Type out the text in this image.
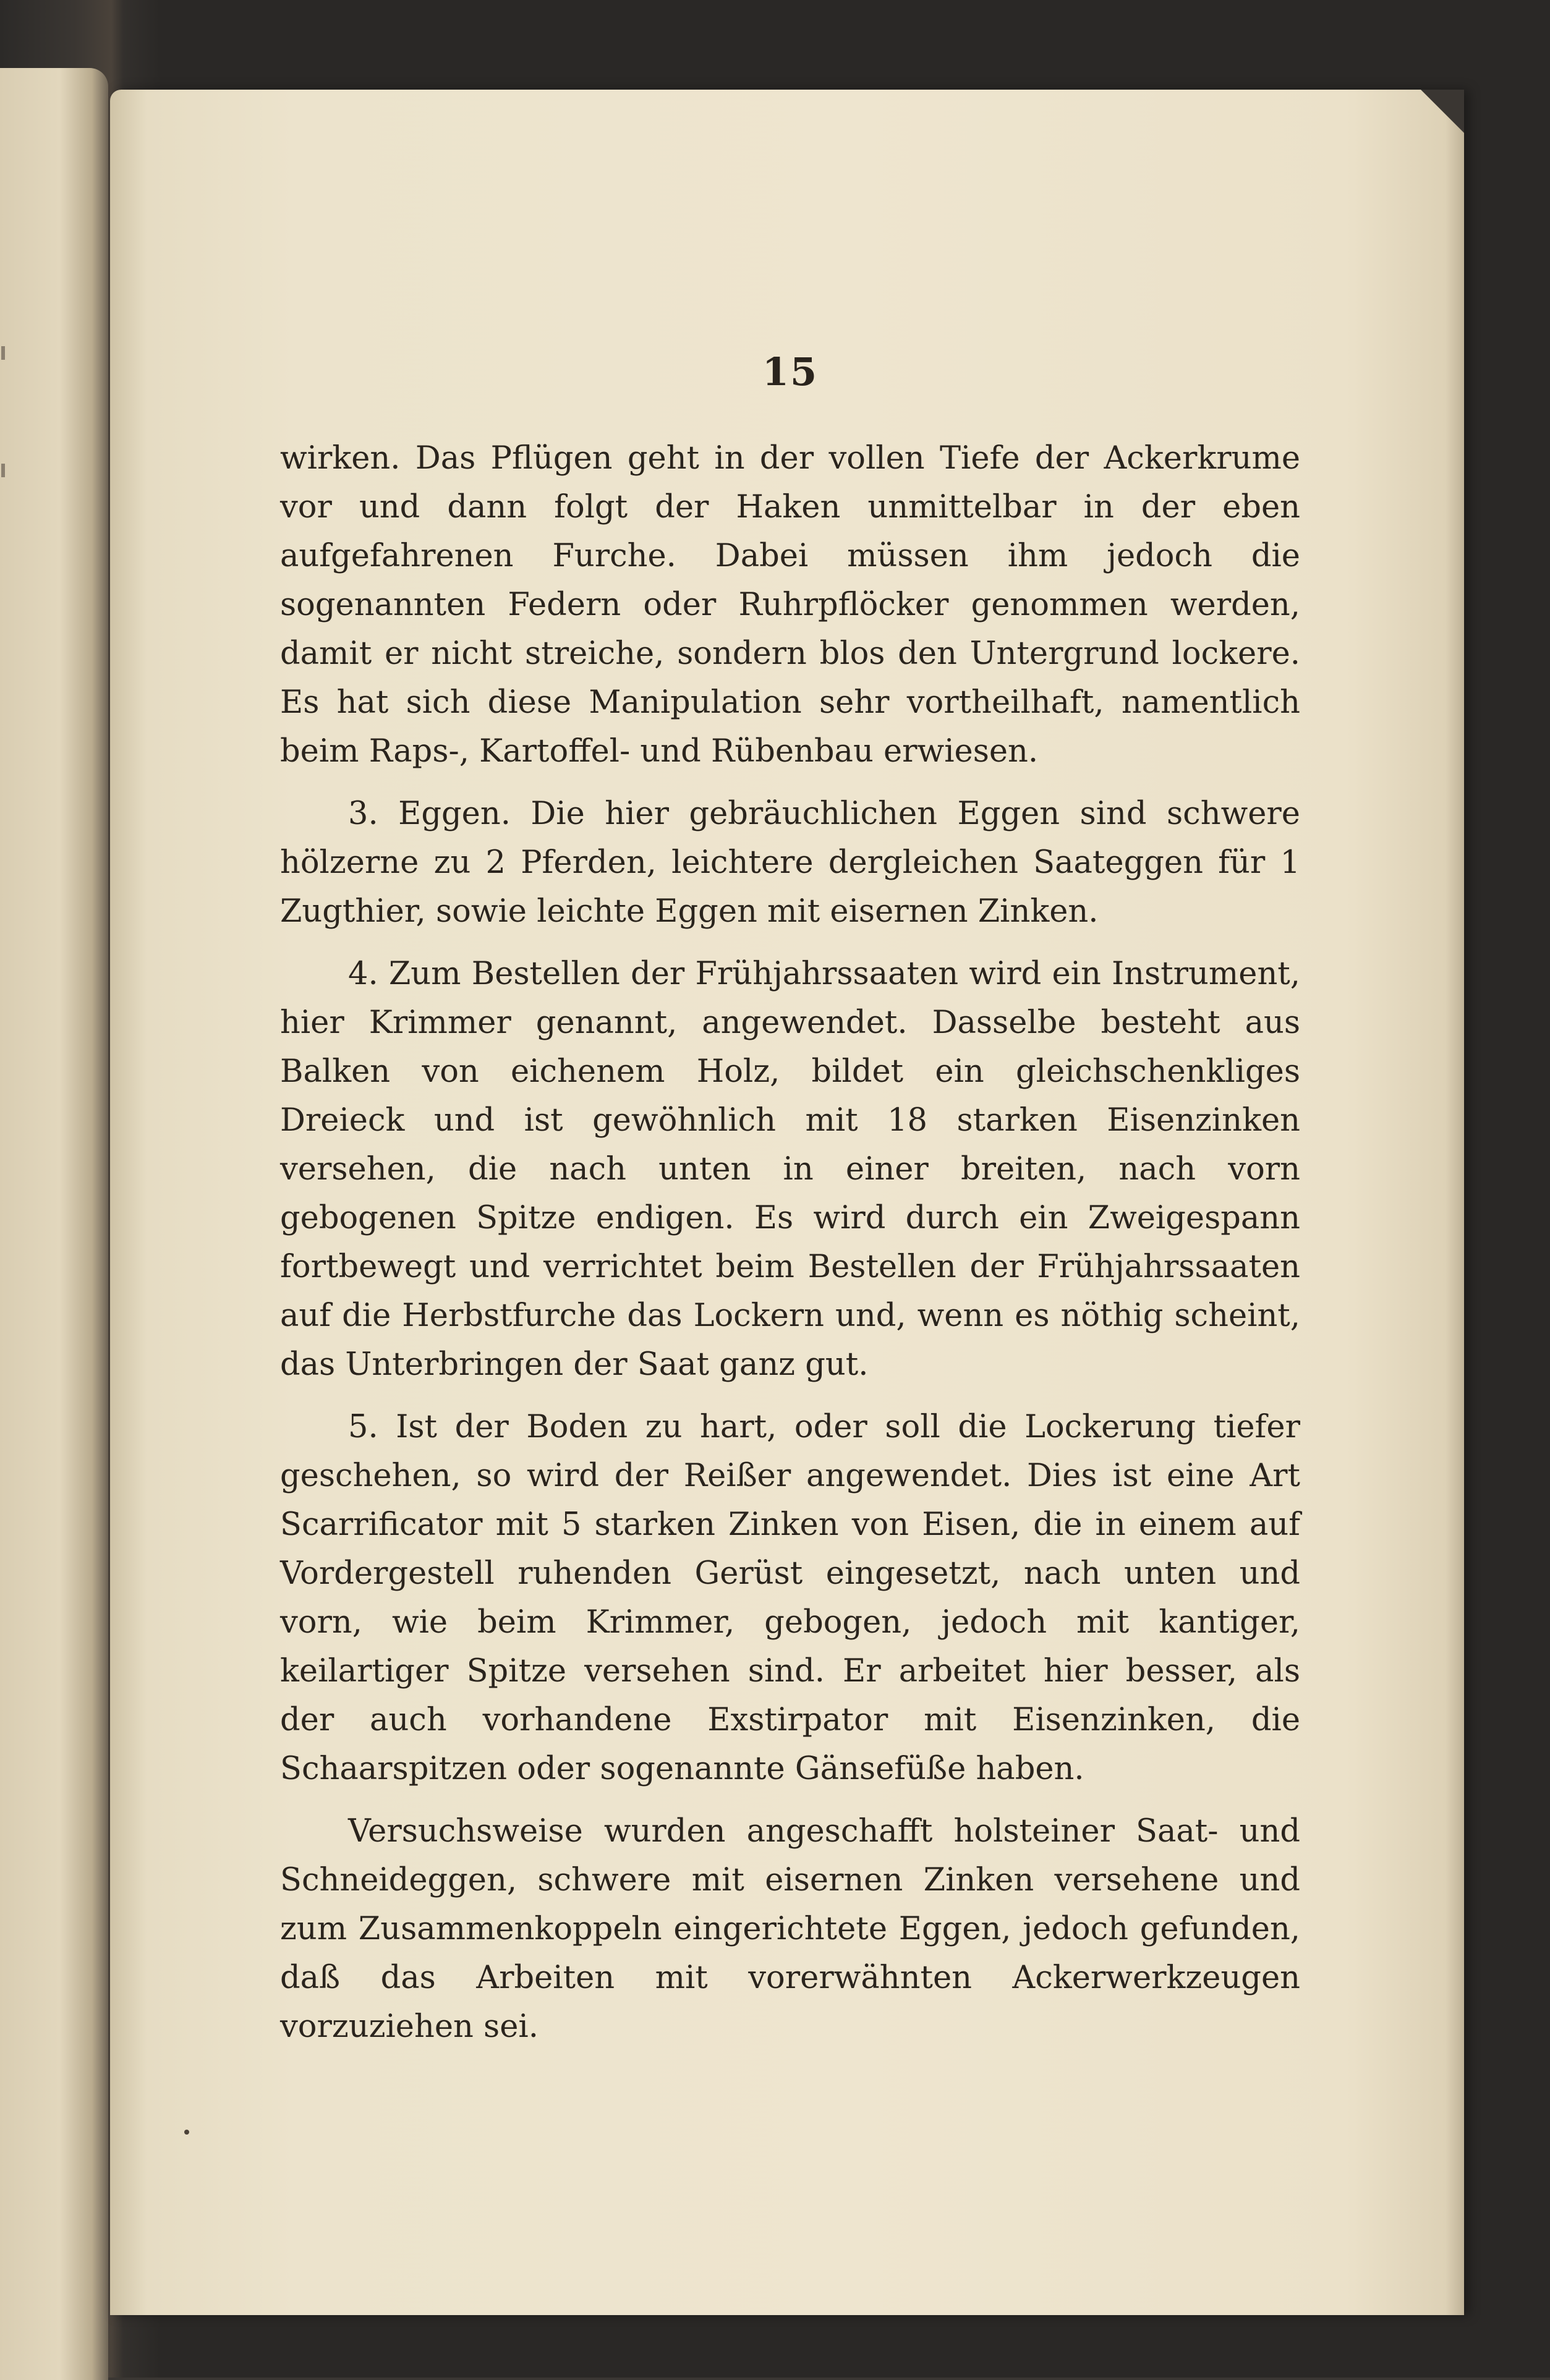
15

wirken. Das Pflügen geht in der vollen Tiefe der Ackerkrume vor und dann folgt der Haken unmittelbar in der eben aufgefahrenen Furche. Dabei müssen ihm jedoch die sogenannten Federn oder Ruhrpflöcker genommen werden, damit er nicht streiche, sondern blos den Untergrund lockere. Es hat sich diese Manipulation sehr vortheilhaft, namentlich beim Raps-, Kartoffel- und Rübenbau erwiesen.

3. Eggen. Die hier gebräuchlichen Eggen sind schwere hölzerne zu 2 Pferden, leichtere dergleichen Saateggen für 1 Zugthier, sowie leichte Eggen mit eisernen Zinken.

4. Zum Bestellen der Frühjahrssaaten wird ein Instrument, hier Krimmer genannt, angewendet. Dasselbe besteht aus Balken von eichenem Holz, bildet ein gleichschenkliges Dreieck und ist gewöhnlich mit 18 starken Eisenzinken versehen, die nach unten in einer breiten, nach vorn gebogenen Spitze endigen. Es wird durch ein Zweigespann fortbewegt und verrichtet beim Bestellen der Frühjahrssaaten auf die Herbstfurche das Lockern und, wenn es nöthig scheint, das Unterbringen der Saat ganz gut.

5. Ist der Boden zu hart, oder soll die Lockerung tiefer geschehen, so wird der Reißer angewendet. Dies ist eine Art Scarrificator mit 5 starken Zinken von Eisen, die in einem auf Vordergestell ruhenden Gerüst eingesetzt, nach unten und vorn, wie beim Krimmer, gebogen, jedoch mit kantiger, keilartiger Spitze versehen sind. Er arbeitet hier besser, als der auch vorhandene Exstirpator mit Eisenzinken, die Schaarspitzen oder sogenannte Gänsefüße haben.

Versuchsweise wurden angeschafft holsteiner Saat- und Schneideggen, schwere mit eisernen Zinken versehene und zum Zusammenkoppeln eingerichtete Eggen, jedoch gefunden, daß das Arbeiten mit vorerwähnten Ackerwerkzeugen vorzuziehen sei.
